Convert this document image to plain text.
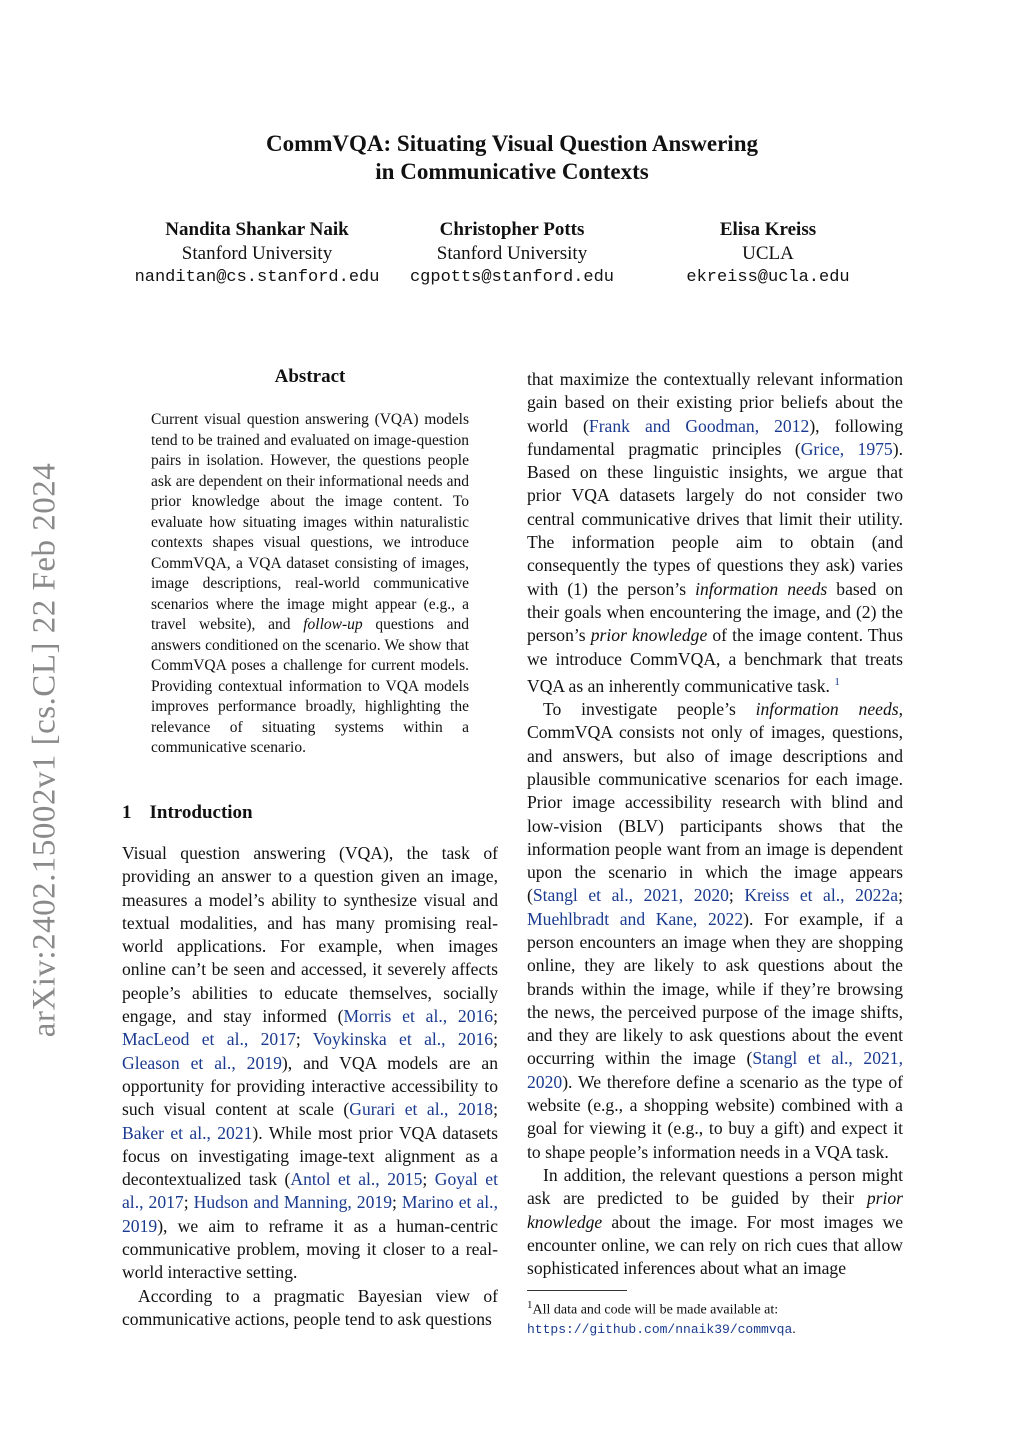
arXiv:2402.15002v1 [cs.CL] 22 Feb 2024
CommVQA: Situating Visual Question Answering
in Communicative Contexts
Nandita Shankar Naik
Stanford University
nanditan@cs.stanford.edu
Christopher Potts
Stanford University
cgpotts@stanford.edu
Elisa Kreiss
UCLA
ekreiss@ucla.edu
Abstract

Current visual question answering (VQA) models tend to be trained and evaluated on image-question pairs in isolation. However, the questions people ask are dependent on their informational needs and prior knowledge about the image content. To evaluate how situating images within naturalistic contexts shapes visual questions, we introduce CommVQA, a VQA dataset consisting of images, image descriptions, real-world communicative scenarios where the image might appear (e.g., a travel website), and follow-up questions and answers conditioned on the scenario. We show that CommVQA poses a challenge for current models. Providing contextual information to VQA models improves performance broadly, highlighting the relevance of situating systems within a communicative scenario.

1 Introduction

Visual question answering (VQA), the task of providing an answer to a question given an image, measures a model’s ability to synthesize visual and textual modalities, and has many promising real-world applications. For example, when images online can’t be seen and accessed, it severely affects people’s abilities to educate themselves, socially engage, and stay informed (Morris et al., 2016; MacLeod et al., 2017; Voykinska et al., 2016; Gleason et al., 2019), and VQA models are an opportunity for providing interactive accessibility to such visual content at scale (Gurari et al., 2018; Baker et al., 2021). While most prior VQA datasets focus on investigating image-text alignment as a decontextualized task (Antol et al., 2015; Goyal et al., 2017; Hudson and Manning, 2019; Marino et al., 2019), we aim to reframe it as a human-centric communicative problem, moving it closer to a real-world interactive setting.

According to a pragmatic Bayesian view of communicative actions, people tend to ask questions

that maximize the contextually relevant information gain based on their existing prior beliefs about the world (Frank and Goodman, 2012), following fundamental pragmatic principles (Grice, 1975). Based on these linguistic insights, we argue that prior VQA datasets largely do not consider two central communicative drives that limit their utility. The information people aim to obtain (and consequently the types of questions they ask) varies with (1) the person’s information needs based on their goals when encountering the image, and (2) the person’s prior knowledge of the image content. Thus we introduce CommVQA, a benchmark that treats VQA as an inherently communicative task. $^1$

To investigate people’s information needs, CommVQA consists not only of images, questions, and answers, but also of image descriptions and plausible communicative scenarios for each image. Prior image accessibility research with blind and low-vision (BLV) participants shows that the information people want from an image is dependent upon the scenario in which the image appears (Stangl et al., 2021, 2020; Kreiss et al., 2022a; Muehlbradt and Kane, 2022). For example, if a person encounters an image when they are shopping online, they are likely to ask questions about the brands within the image, while if they’re browsing the news, the perceived purpose of the image shifts, and they are likely to ask questions about the event occurring within the image (Stangl et al., 2021, 2020). We therefore define a scenario as the type of website (e.g., a shopping website) combined with a goal for viewing it (e.g., to buy a gift) and expect it to shape people’s information needs in a VQA task.

In addition, the relevant questions a person might ask are predicted to be guided by their prior knowledge about the image. For most images we encounter online, we can rely on rich cues that allow sophisticated inferences about what an image

$^1$All data and code will be made available at: https://github.com/nnaik39/commvqa.
